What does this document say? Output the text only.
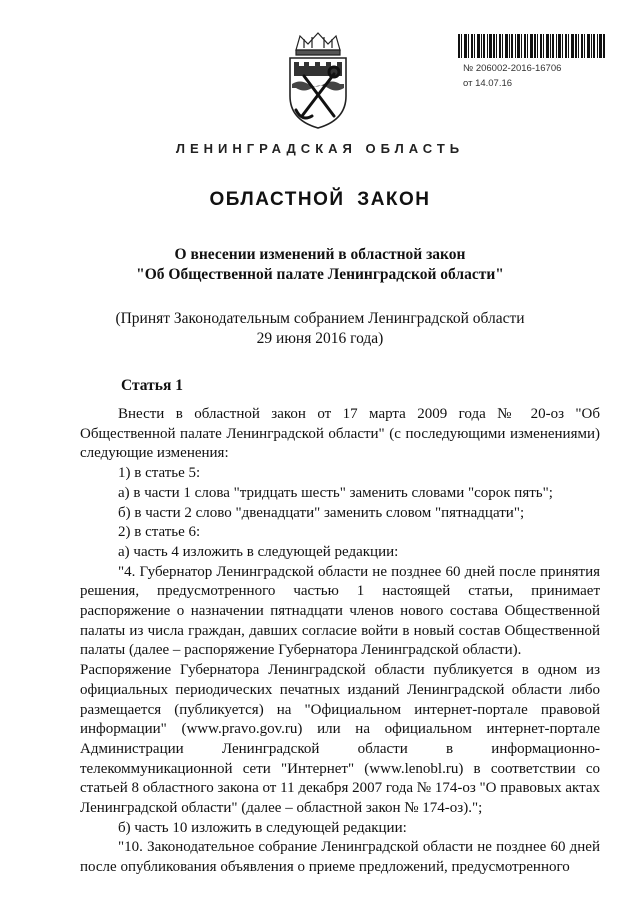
№ 206002-2016-16706
от 14.07.16
ЛЕНИНГРАДСКАЯ ОБЛАСТЬ
ОБЛАСТНОЙ ЗАКОН
О внесении изменений в областной закон
"Об Общественной палате Ленинградской области"
(Принят Законодательным собранием Ленинградской области
29 июня 2016 года)
Статья 1

Внести в областной закон от 17 марта 2009 года № 20-оз "Об Общественной палате Ленинградской области" (с последующими изменениями) следующие изменения:

1) в статье 5:

а) в части 1 слова "тридцать шесть" заменить словами "сорок пять";

б) в части 2 слово "двенадцати" заменить словом "пятнадцати";

2) в статье 6:

а) часть 4 изложить в следующей редакции:

"4. Губернатор Ленинградской области не позднее 60 дней после принятия решения, предусмотренного частью 1 настоящей статьи, принимает распоряжение о назначении пятнадцати членов нового состава Общественной палаты из числа граждан, давших согласие войти в новый состав Общественной палаты (далее – распоряжение Губернатора Ленинградской области).

Распоряжение Губернатора Ленинградской области публикуется в одном из официальных периодических печатных изданий Ленинградской области либо размещается (публикуется) на "Официальном интернет-портале правовой информации" (www.pravo.gov.ru) или на официальном интернет-портале Администрации Ленинградской области в информационно-телекоммуникационной сети "Интернет" (www.lenobl.ru) в соответствии со статьей 8 областного закона от 11 декабря 2007 года № 174-оз "О правовых актах Ленинградской области" (далее – областной закон № 174-оз).";

б) часть 10 изложить в следующей редакции:

"10. Законодательное собрание Ленинградской области не позднее 60 дней после опубликования объявления о приеме предложений, предусмотренного
